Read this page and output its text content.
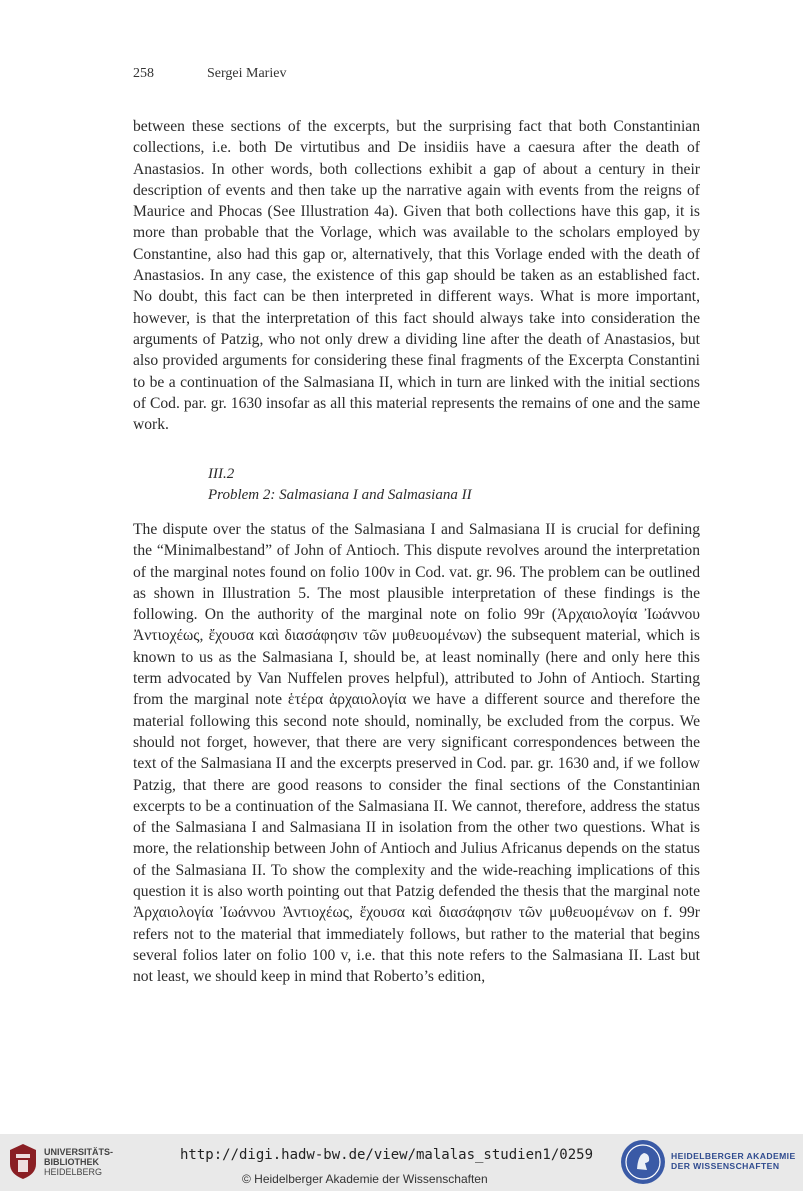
258	Sergei Mariev
between these sections of the excerpts, but the surprising fact that both Constantinian collections, i.e. both De virtutibus and De insidiis have a caesura after the death of Anastasios. In other words, both collections exhibit a gap of about a century in their description of events and then take up the narrative again with events from the reigns of Maurice and Phocas (See Illustration 4a). Given that both collections have this gap, it is more than probable that the Vorlage, which was available to the scholars employed by Constantine, also had this gap or, alternatively, that this Vorlage ended with the death of Anastasios. In any case, the existence of this gap should be taken as an established fact. No doubt, this fact can be then interpreted in different ways. What is more important, however, is that the interpretation of this fact should always take into consideration the arguments of Patzig, who not only drew a dividing line after the death of Anastasios, but also provided arguments for considering these final fragments of the Excerpta Constantini to be a continuation of the Salmasiana II, which in turn are linked with the initial sections of Cod. par. gr. 1630 insofar as all this material represents the remains of one and the same work.
III.2
Problem 2: Salmasiana I and Salmasiana II
The dispute over the status of the Salmasiana I and Salmasiana II is crucial for defining the “Minimalbestand” of John of Antioch. This dispute revolves around the interpretation of the marginal notes found on folio 100v in Cod. vat. gr. 96. The problem can be outlined as shown in Illustration 5. The most plausible interpretation of these findings is the following. On the authority of the marginal note on folio 99r (Ἀρχαιολογία Ἰωάννου Ἀντιοχέως, ἔχουσα καὶ διασάφησιν τῶν μυθευομένων) the subsequent material, which is known to us as the Salmasiana I, should be, at least nominally (here and only here this term advocated by Van Nuffelen proves helpful), attributed to John of Antioch. Starting from the marginal note ἑτέρα ἀρχαιολογία we have a different source and therefore the material following this second note should, nominally, be excluded from the corpus. We should not forget, however, that there are very significant correspondences between the text of the Salmasiana II and the excerpts preserved in Cod. par. gr. 1630 and, if we follow Patzig, that there are good reasons to consider the final sections of the Constantinian excerpts to be a continuation of the Salmasiana II. We cannot, therefore, address the status of the Salmasiana I and Salmasiana II in isolation from the other two questions. What is more, the relationship between John of Antioch and Julius Africanus depends on the status of the Salmasiana II. To show the complexity and the wide-reaching implications of this question it is also worth pointing out that Patzig defended the thesis that the marginal note Ἀρχαιολογία Ἰωάννου Ἀντιοχέως, ἔχουσα καὶ διασάφησιν τῶν μυθευομένων on f. 99r refers not to the material that immediately follows, but rather to the material that begins several folios later on folio 100 v, i.e. that this note refers to the Salmasiana II. Last but not least, we should keep in mind that Roberto’s edition,
UNIVERSITÄTS-
BIBLIOTHEK
HEIDELBERG
http://digi.hadw-bw.de/view/malalas_studien1/0259
© Heidelberger Akademie der Wissenschaften
HEIDELBERGER AKADEMIE
DER WISSENSCHAFTEN
